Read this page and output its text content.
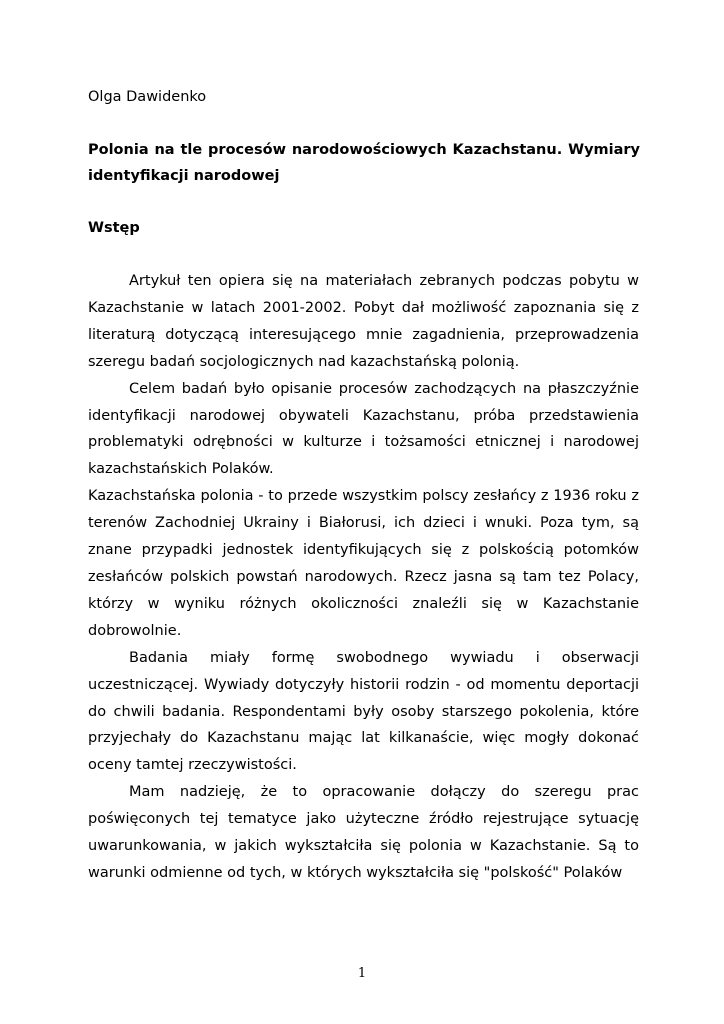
Olga Dawidenko
Polonia na tle procesów narodowościowych Kazachstanu. Wymiary identyfikacji narodowej
Wstęp

Artykuł ten opiera się na materiałach zebranych podczas pobytu w Kazachstanie w latach 2001-2002. Pobyt dał możliwość zapoznania się z literaturą dotyczącą interesującego mnie zagadnienia, przeprowadzenia szeregu badań socjologicznych nad kazachstańską polonią.

Celem badań było opisanie procesów zachodzących na płaszczyźnie identyfikacji narodowej obywateli Kazachstanu, próba przedstawienia problematyki odrębności w kulturze i tożsamości etnicznej i narodowej kazachstańskich Polaków.

Kazachstańska polonia - to przede wszystkim polscy zesłańcy z 1936 roku z terenów Zachodniej Ukrainy i Białorusi, ich dzieci i wnuki. Poza tym, są znane przypadki jednostek identyfikujących się z polskością potomków zesłańców polskich powstań narodowych. Rzecz jasna są tam tez Polacy, którzy w wyniku różnych okoliczności znaleźli się w Kazachstanie dobrowolnie.

Badania miały formę swobodnego wywiadu i obserwacji uczestniczącej. Wywiady dotyczyły historii rodzin - od momentu deportacji do chwili badania. Respondentami były osoby starszego pokolenia, które przyjechały do Kazachstanu mając lat kilkanaście, więc mogły dokonać oceny tamtej rzeczywistości.

Mam nadzieję, że to opracowanie dołączy do szeregu prac poświęconych tej tematyce jako użyteczne źródło rejestrujące sytuację uwarunkowania, w jakich wykształciła się polonia w Kazachstanie. Są to warunki odmienne od tych, w których wykształciła się "polskość" Polaków

1
